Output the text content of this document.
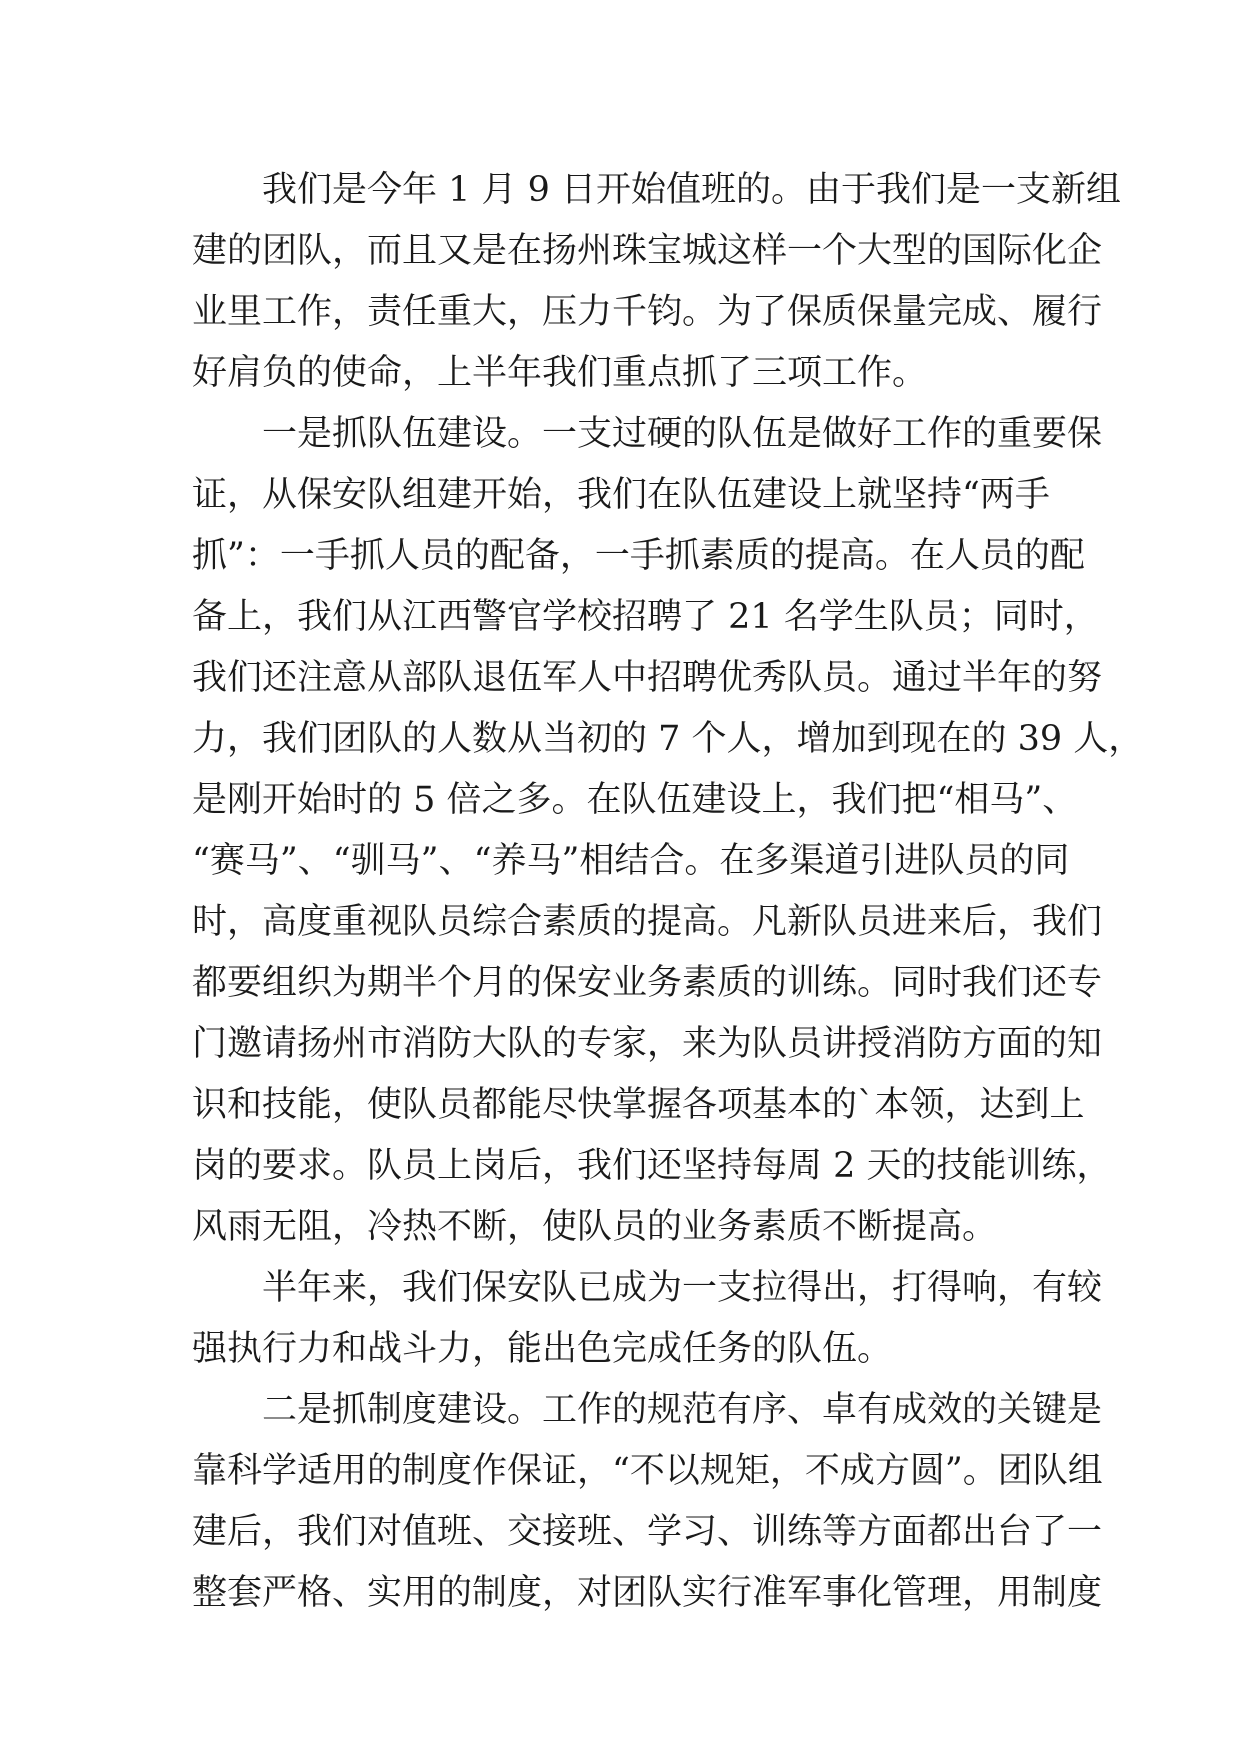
我们是今年 1 月 9 日开始值班的。由于我们是一支新组
建的团队，而且又是在扬州珠宝城这样一个大型的国际化企
业里工作，责任重大，压力千钧。为了保质保量完成、履行
好肩负的使命，上半年我们重点抓了三项工作。
一是抓队伍建设。一支过硬的队伍是做好工作的重要保
证，从保安队组建开始，我们在队伍建设上就坚持“两手
抓”：一手抓人员的配备，一手抓素质的提高。在人员的配
备上，我们从江西警官学校招聘了 21 名学生队员；同时，
我们还注意从部队退伍军人中招聘优秀队员。通过半年的努
力，我们团队的人数从当初的 7 个人，增加到现在的 39 人，
是刚开始时的 5 倍之多。在队伍建设上，我们把“相马”、
“赛马”、“驯马”、“养马”相结合。在多渠道引进队员的同
时，高度重视队员综合素质的提高。凡新队员进来后，我们
都要组织为期半个月的保安业务素质的训练。同时我们还专
门邀请扬州市消防大队的专家，来为队员讲授消防方面的知
识和技能，使队员都能尽快掌握各项基本的`本领，达到上
岗的要求。队员上岗后，我们还坚持每周 2 天的技能训练，
风雨无阻，冷热不断，使队员的业务素质不断提高。
半年来，我们保安队已成为一支拉得出，打得响，有较
强执行力和战斗力，能出色完成任务的队伍。
二是抓制度建设。工作的规范有序、卓有成效的关键是
靠科学适用的制度作保证，“不以规矩，不成方圆”。团队组
建后，我们对值班、交接班、学习、训练等方面都出台了一
整套严格、实用的制度，对团队实行准军事化管理，用制度
